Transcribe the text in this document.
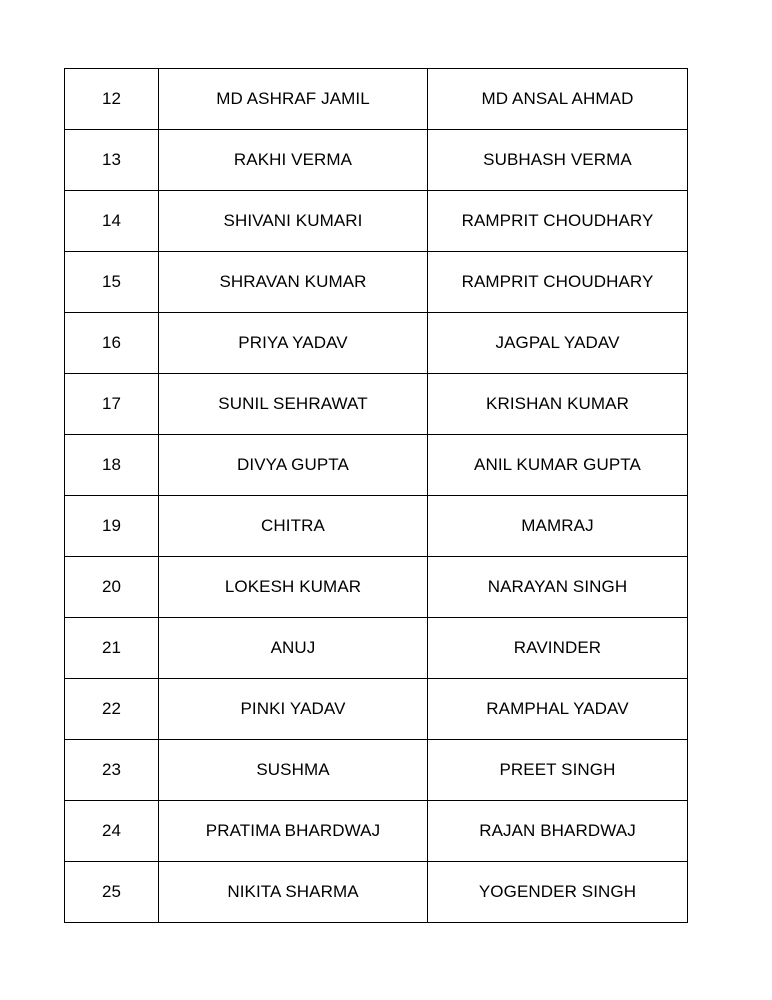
12	MD ASHRAF JAMIL	MD ANSAL AHMAD
13	RAKHI VERMA	SUBHASH VERMA
14	SHIVANI KUMARI	RAMPRIT CHOUDHARY
15	SHRAVAN KUMAR	RAMPRIT CHOUDHARY
16	PRIYA YADAV	JAGPAL YADAV
17	SUNIL SEHRAWAT	KRISHAN KUMAR
18	DIVYA GUPTA	ANIL KUMAR GUPTA
19	CHITRA	MAMRAJ
20	LOKESH KUMAR	NARAYAN SINGH
21	ANUJ	RAVINDER
22	PINKI YADAV	RAMPHAL YADAV
23	SUSHMA	PREET SINGH
24	PRATIMA BHARDWAJ	RAJAN BHARDWAJ
25	NIKITA SHARMA	YOGENDER SINGH
